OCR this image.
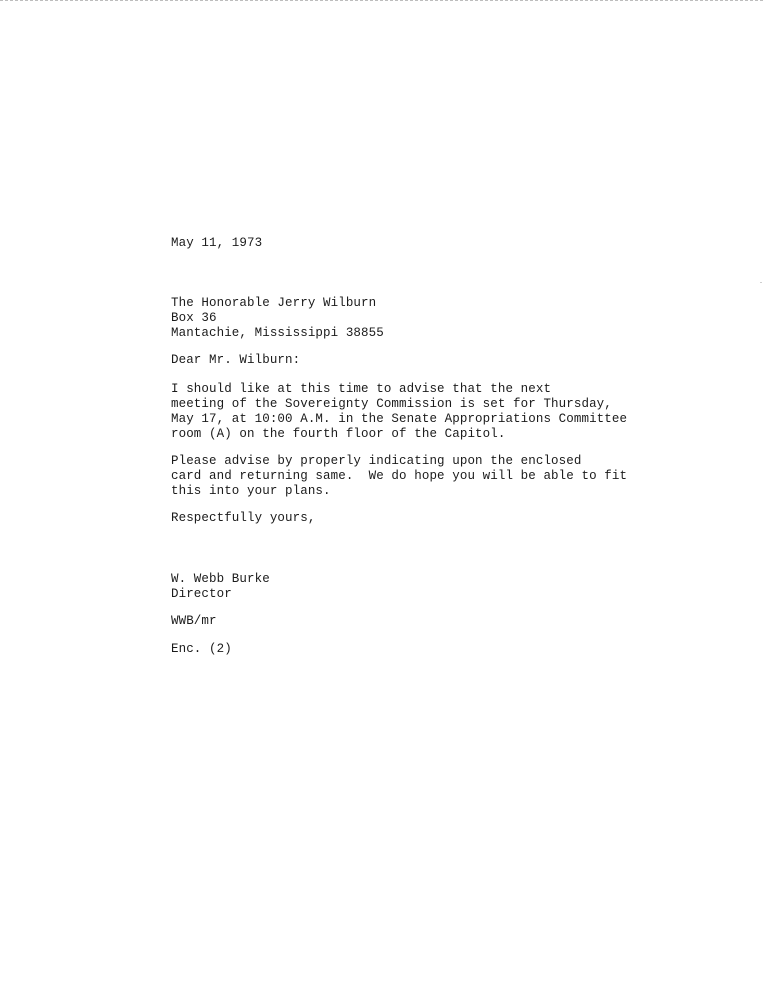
May 11, 1973
The Honorable Jerry Wilburn
Box 36
Mantachie, Mississippi 38855
Dear Mr. Wilburn:
I should like at this time to advise that the next
meeting of the Sovereignty Commission is set for Thursday,
May 17, at 10:00 A.M. in the Senate Appropriations Committee
room (A) on the fourth floor of the Capitol.
Please advise by properly indicating upon the enclosed
card and returning same.  We do hope you will be able to fit
this into your plans.
Respectfully yours,
W. Webb Burke
Director
WWB/mr
Enc. (2)
